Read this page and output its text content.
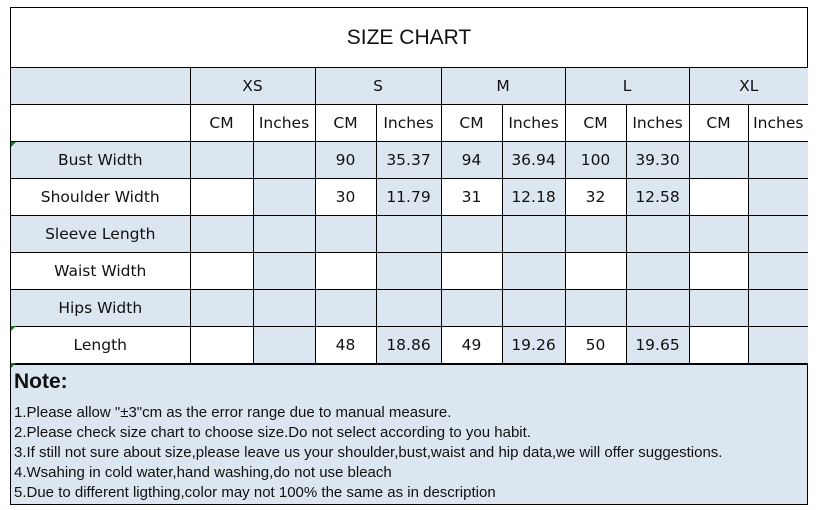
SIZE CHART
	XS		S		M		L		XL	
	CM	Inches	CM	Inches	CM	Inches	CM	Inches	CM	Inches
Bust Width			90	35.37	94	36.94	100	39.30		
Shoulder Width			30	11.79	31	12.18	32	12.58		
Sleeve Length										
Waist Width										
Hips Width										
Length			48	18.86	49	19.26	50	19.65		
Note:
1.Please allow "±3"cm as the error range due to manual measure.
2.Please check size chart to choose size.Do not select according to you habit.
3.If still not sure about size,please leave us your shoulder,bust,waist and hip data,we will offer suggestions.
4.Wsahing in cold water,hand washing,do not use bleach
5.Due to different ligthing,color may not 100% the same as in description
